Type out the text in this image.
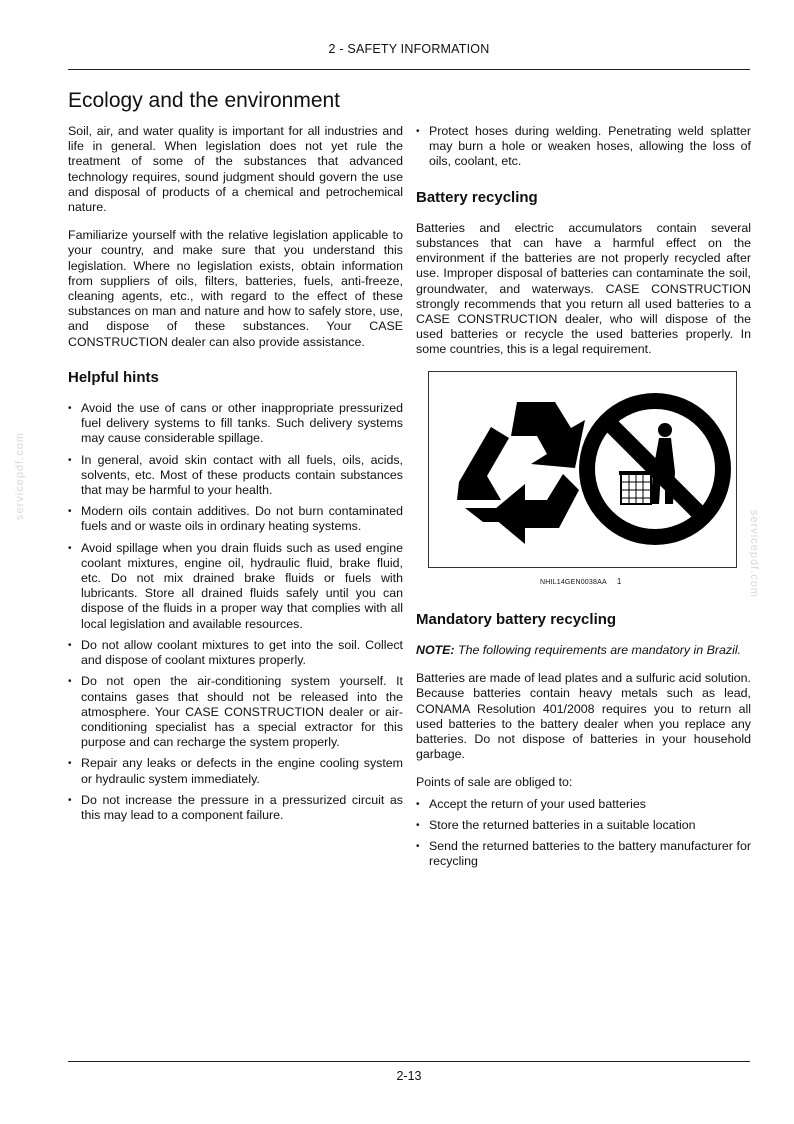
2 - SAFETY INFORMATION
Ecology and the environment

Soil, air, and water quality is important for all industries and life in general. When legislation does not yet rule the treatment of some of the substances that advanced technology requires, sound judgment should govern the use and disposal of products of a chemical and petrochemical nature.

Familiarize yourself with the relative legislation applicable to your country, and make sure that you understand this legislation. Where no legislation exists, obtain information from suppliers of oils, filters, batteries, fuels, anti-freeze, cleaning agents, etc., with regard to the effect of these substances on man and nature and how to safely store, use, and dispose of these substances. Your CASE CONSTRUCTION dealer can also provide assistance.

Helpful hints
• Avoid the use of cans or other inappropriate pressurized fuel delivery systems to fill tanks. Such delivery systems may cause considerable spillage.
• In general, avoid skin contact with all fuels, oils, acids, solvents, etc. Most of these products contain substances that may be harmful to your health.
• Modern oils contain additives. Do not burn contaminated fuels and or waste oils in ordinary heating systems.
• Avoid spillage when you drain fluids such as used engine coolant mixtures, engine oil, hydraulic fluid, brake fluid, etc. Do not mix drained brake fluids or fuels with lubricants. Store all drained fluids safely until you can dispose of the fluids in a proper way that complies with all local legislation and available resources.
• Do not allow coolant mixtures to get into the soil. Collect and dispose of coolant mixtures properly.
• Do not open the air-conditioning system yourself. It contains gases that should not be released into the atmosphere. Your CASE CONSTRUCTION dealer or air-conditioning specialist has a special extractor for this purpose and can recharge the system properly.
• Repair any leaks or defects in the engine cooling system or hydraulic system immediately.
• Do not increase the pressure in a pressurized circuit as this may lead to a component failure.
• Protect hoses during welding. Penetrating weld splatter may burn a hole or weaken hoses, allowing the loss of oils, coolant, etc.
Battery recycling

Batteries and electric accumulators contain several substances that can have a harmful effect on the environment if the batteries are not properly recycled after use. Improper disposal of batteries can contaminate the soil, groundwater, and waterways. CASE CONSTRUCTION strongly recommends that you return all used batteries to a CASE CONSTRUCTION dealer, who will dispose of the used batteries or recycle the used batteries properly. In some countries, this is a legal requirement.

NHIL14GEN0038AA 1
Mandatory battery recycling

NOTE: The following requirements are mandatory in Brazil.

Batteries are made of lead plates and a sulfuric acid solution. Because batteries contain heavy metals such as lead, CONAMA Resolution 401/2008 requires you to return all used batteries to the battery dealer when you replace any batteries. Do not dispose of batteries in your household garbage.

Points of sale are obliged to:

• Accept the return of your used batteries
• Store the returned batteries in a suitable location
• Send the returned batteries to the battery manufacturer for recycling
servicepdf.com
servicepdf.com
2-13
